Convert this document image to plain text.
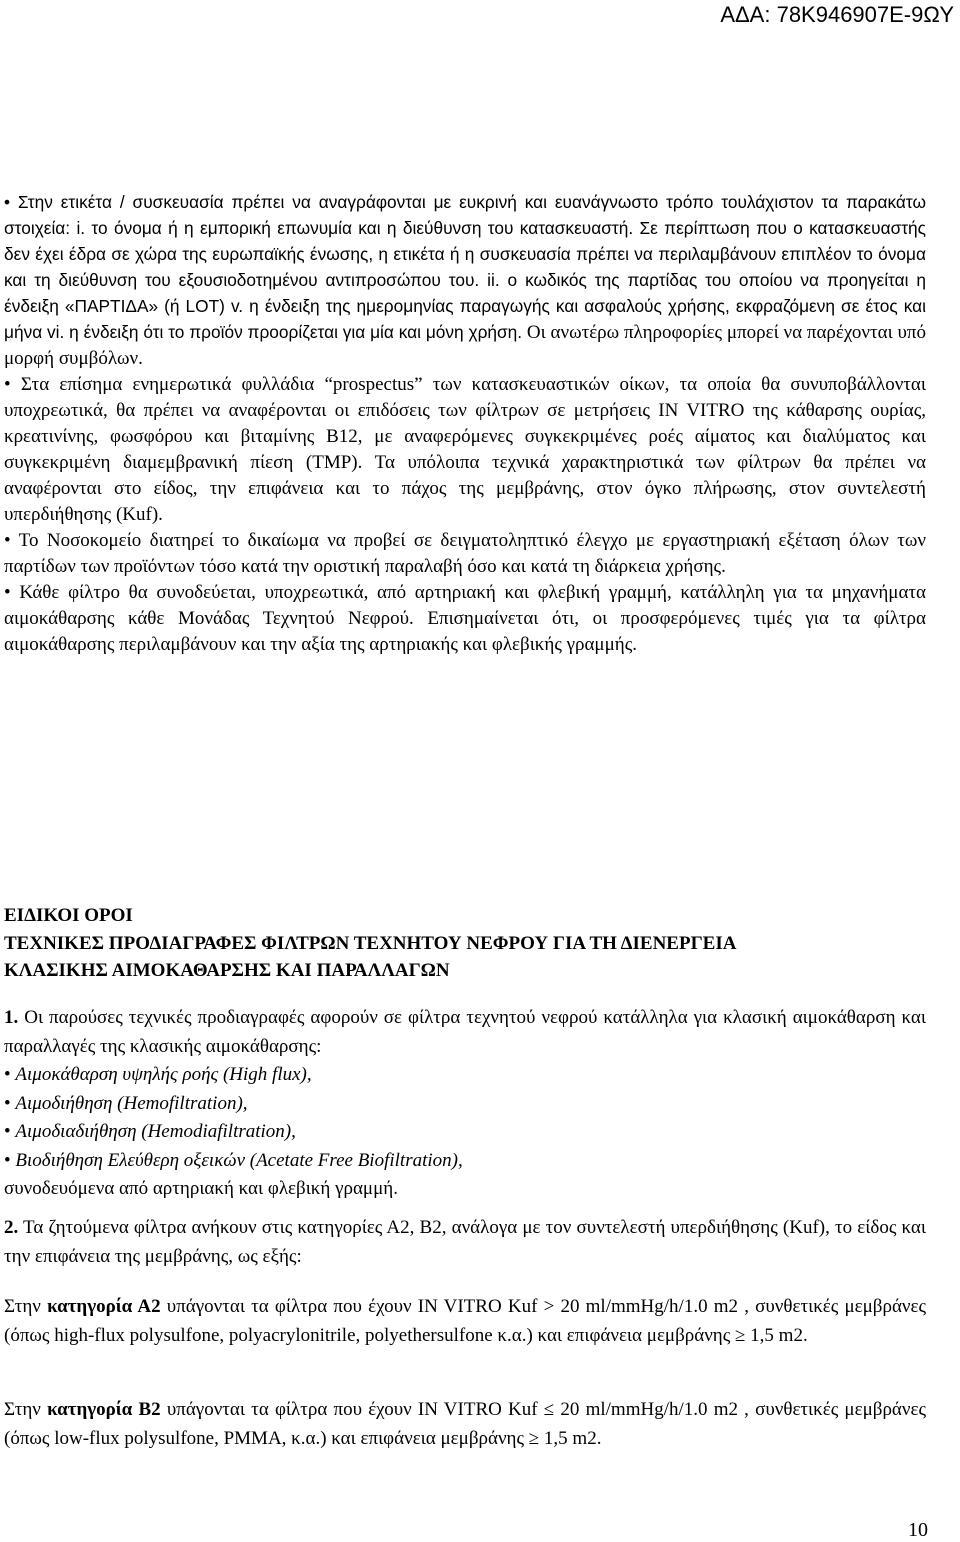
ΑΔΑ: 78Κ946907Ε-9ΩΥ

• Στην ετικέτα / συσκευασία πρέπει να αναγράφονται με ευκρινή και ευανάγνωστο τρόπο τουλάχιστον τα παρακάτω στοιχεία: i. το όνομα ή η εμπορική επωνυμία και η διεύθυνση του κατασκευαστή. Σε περίπτωση που ο κατασκευαστής δεν έχει έδρα σε χώρα της ευρωπαϊκής ένωσης, η ετικέτα ή η συσκευασία πρέπει να περιλαμβάνουν επιπλέον το όνομα και τη διεύθυνση του εξουσιοδοτημένου αντιπροσώπου του. ii. ο κωδικός της παρτίδας του οποίου να προηγείται η ένδειξη «ΠΑΡΤΙΔΑ» (ή LOT) v. η ένδειξη της ημερομηνίας παραγωγής και ασφαλούς χρήσης, εκφραζόμενη σε έτος και μήνα vi. η ένδειξη ότι το προϊόν προορίζεται για μία και μόνη χρήση. Οι ανωτέρω πληροφορίες μπορεί να παρέχονται υπό μορφή συμβόλων.

• Στα επίσημα ενημερωτικά φυλλάδια “prospectus” των κατασκευαστικών οίκων, τα οποία θα συνυποβάλλονται υποχρεωτικά, θα πρέπει να αναφέρονται οι επιδόσεις των φίλτρων σε μετρήσεις IN VITRO της κάθαρσης ουρίας, κρεατινίνης, φωσφόρου και βιταμίνης B12, με αναφερόμενες συγκεκριμένες ροές αίματος και διαλύματος και συγκεκριμένη διαμεμβρανική πίεση (TMP). Τα υπόλοιπα τεχνικά χαρακτηριστικά των φίλτρων θα πρέπει να αναφέρονται στο είδος, την επιφάνεια και το πάχος της μεμβράνης, στον όγκο πλήρωσης, στον συντελεστή υπερδιήθησης (Kuf).

• Το Νοσοκομείο διατηρεί το δικαίωμα να προβεί σε δειγματοληπτικό έλεγχο με εργαστηριακή εξέταση όλων των παρτίδων των προϊόντων τόσο κατά την οριστική παραλαβή όσο και κατά τη διάρκεια χρήσης.

• Κάθε φίλτρο θα συνοδεύεται, υποχρεωτικά, από αρτηριακή και φλεβική γραμμή, κατάλληλη για τα μηχανήματα αιμοκάθαρσης κάθε Μονάδας Τεχνητού Νεφρού. Επισημαίνεται ότι, οι προσφερόμενες τιμές για τα φίλτρα αιμοκάθαρσης περιλαμβάνουν και την αξία της αρτηριακής και φλεβικής γραμμής.

ΕΙΔΙΚΟΙ ΟΡΟΙ
ΤΕΧΝΙΚΕΣ ΠΡΟΔΙΑΓΡΑΦΕΣ ΦΙΛΤΡΩΝ ΤΕΧΝΗΤΟΥ ΝΕΦΡΟΥ ΓΙΑ ΤΗ ΔΙΕΝΕΡΓΕΙΑ
ΚΛΑΣΙΚΗΣ ΑΙΜΟΚΑΘΑΡΣΗΣ ΚΑΙ ΠΑΡΑΛΛΑΓΩΝ

1. Οι παρούσες τεχνικές προδιαγραφές αφορούν σε φίλτρα τεχνητού νεφρού κατάλληλα για κλασική αιμοκάθαρση και παραλλαγές της κλασικής αιμοκάθαρσης:

• Αιμοκάθαρση υψηλής ροής (High flux),

• Αιμοδιήθηση (Hemofiltration),

• Αιμοδιαδιήθηση (Hemodiafiltration),

• Βιοδιήθηση Ελεύθερη οξεικών (Acetate Free Biofiltration),

συνοδευόμενα από αρτηριακή και φλεβική γραμμή.

2. Τα ζητούμενα φίλτρα ανήκουν στις κατηγορίες Α2, Β2, ανάλογα με τον συντελεστή υπερδιήθησης (Kuf), το είδος και την επιφάνεια της μεμβράνης, ως εξής:

Στην κατηγορία Α2 υπάγονται τα φίλτρα που έχουν IN VITRO Kuf > 20 ml/mmHg/h/1.0 m2 , συνθετικές μεμβράνες (όπως high-flux polysulfone, polyacrylonitrile, polyethersulfone κ.α.) και επιφάνεια μεμβράνης ≥ 1,5 m2.

Στην κατηγορία Β2 υπάγονται τα φίλτρα που έχουν IN VITRO Kuf ≤ 20 ml/mmHg/h/1.0 m2 , συνθετικές μεμβράνες (όπως low-flux polysulfone, PMMA, κ.α.) και επιφάνεια μεμβράνης ≥ 1,5 m2.

10
